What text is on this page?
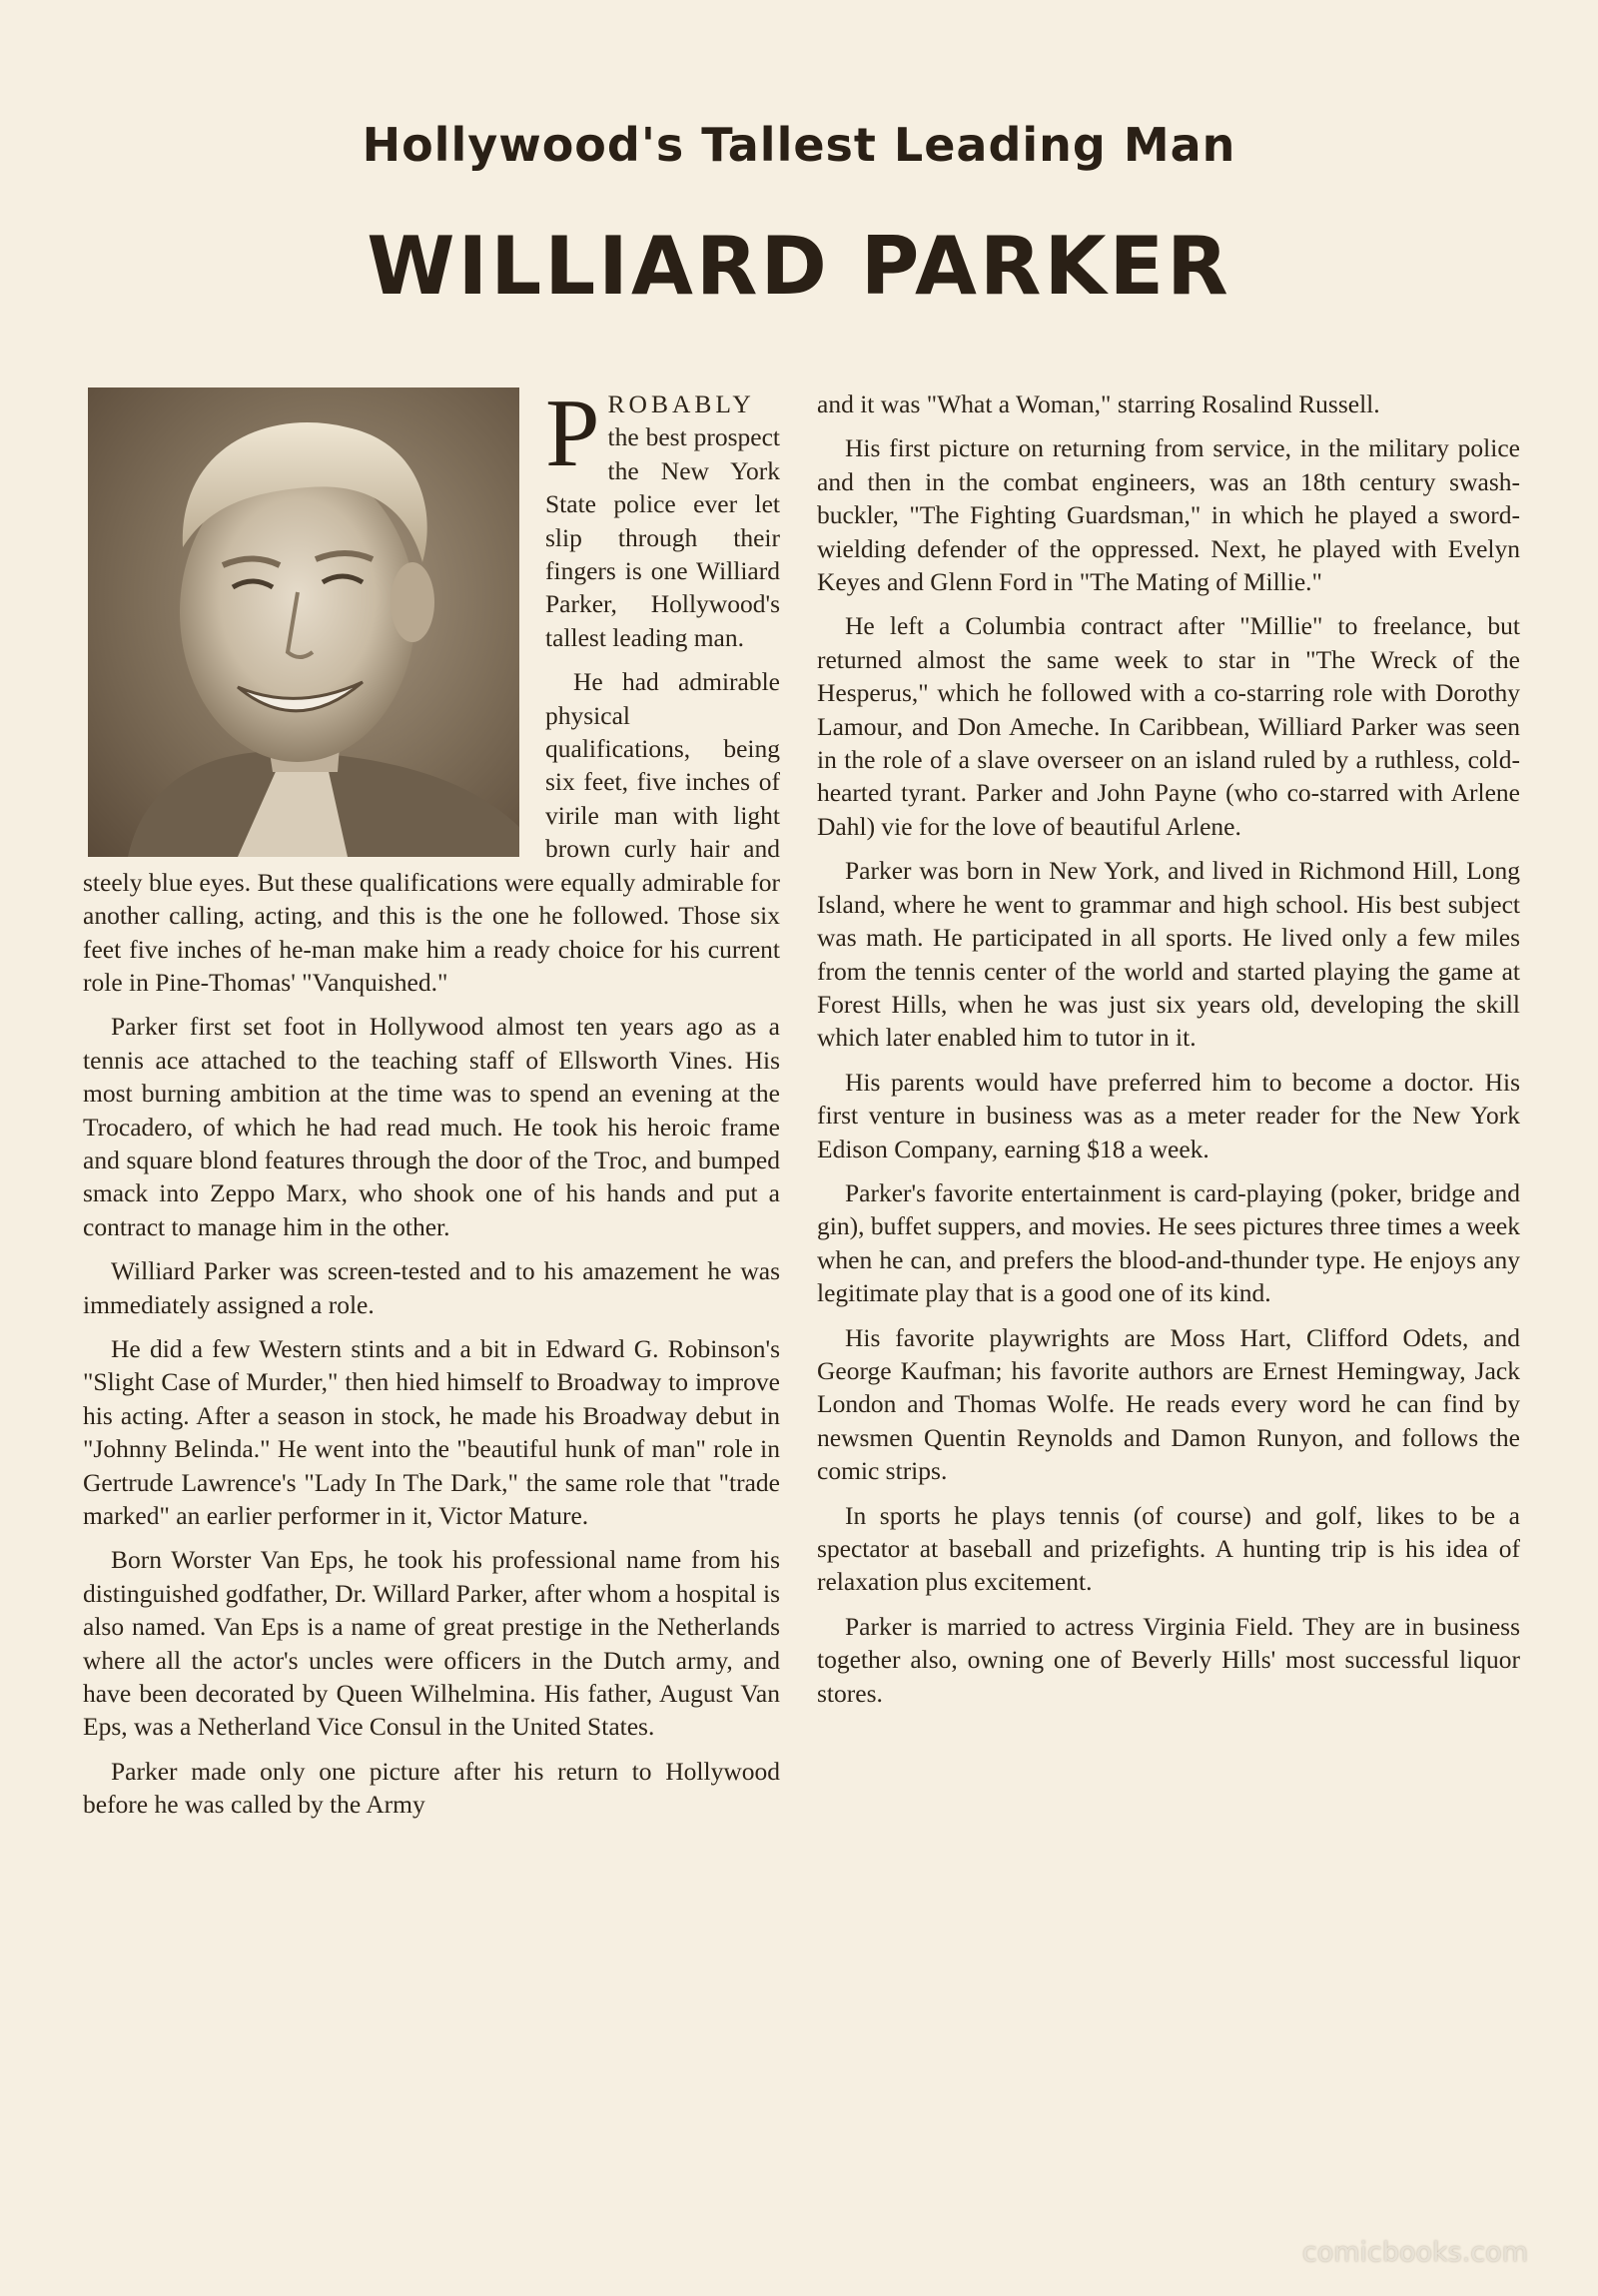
Hollywood's Tallest Leading Man
WILLIARD PARKER

PROBABLY the best prospect the New York State police ever let slip through their fingers is one Williard Parker, Hollywood's tallest leading man.

He had admirable physical qualifications, being six feet, five inches of virile man with light brown curly hair and steely blue eyes. But these qualifications were equally admirable for another calling, acting, and this is the one he followed. Those six feet five inches of he-man make him a ready choice for his current role in Pine-Thomas' "Vanquished."

Parker first set foot in Hollywood almost ten years ago as a tennis ace attached to the teaching staff of Ellsworth Vines. His most burning ambition at the time was to spend an evening at the Trocadero, of which he had read much. He took his heroic frame and square blond features through the door of the Troc, and bumped smack into Zeppo Marx, who shook one of his hands and put a contract to manage him in the other.

Williard Parker was screen-tested and to his amazement he was immediately assigned a role.

He did a few Western stints and a bit in Edward G. Robinson's "Slight Case of Murder," then hied himself to Broadway to improve his acting. After a season in stock, he made his Broadway debut in "Johnny Belinda." He went into the "beautiful hunk of man" role in Gertrude Lawrence's "Lady In The Dark," the same role that "trade marked" an earlier performer in it, Victor Mature.

Born Worster Van Eps, he took his professional name from his distinguished godfather, Dr. Willard Parker, after whom a hospital is also named. Van Eps is a name of great prestige in the Netherlands where all the actor's uncles were officers in the Dutch army, and have been decorated by Queen Wilhelmina. His father, August Van Eps, was a Netherland Vice Consul in the United States.

Parker made only one picture after his return to Hollywood before he was called by the Army

and it was "What a Woman," starring Rosalind Russell.

His first picture on returning from service, in the military police and then in the combat engineers, was an 18th century swash-buckler, "The Fighting Guardsman," in which he played a sword-wielding defender of the oppressed. Next, he played with Evelyn Keyes and Glenn Ford in "The Mating of Millie."

He left a Columbia contract after "Millie" to freelance, but returned almost the same week to star in "The Wreck of the Hesperus," which he followed with a co-starring role with Dorothy Lamour, and Don Ameche. In Caribbean, Williard Parker was seen in the role of a slave overseer on an island ruled by a ruthless, cold-hearted tyrant. Parker and John Payne (who co-starred with Arlene Dahl) vie for the love of beautiful Arlene.

Parker was born in New York, and lived in Richmond Hill, Long Island, where he went to grammar and high school. His best subject was math. He participated in all sports. He lived only a few miles from the tennis center of the world and started playing the game at Forest Hills, when he was just six years old, developing the skill which later enabled him to tutor in it.

His parents would have preferred him to become a doctor. His first venture in business was as a meter reader for the New York Edison Company, earning $18 a week.

Parker's favorite entertainment is card-playing (poker, bridge and gin), buffet suppers, and movies. He sees pictures three times a week when he can, and prefers the blood-and-thunder type. He enjoys any legitimate play that is a good one of its kind.

His favorite playwrights are Moss Hart, Clifford Odets, and George Kaufman; his favorite authors are Ernest Hemingway, Jack London and Thomas Wolfe. He reads every word he can find by newsmen Quentin Reynolds and Damon Runyon, and follows the comic strips.

In sports he plays tennis (of course) and golf, likes to be a spectator at baseball and prizefights. A hunting trip is his idea of relaxation plus excitement.

Parker is married to actress Virginia Field. They are in business together also, owning one of Beverly Hills' most successful liquor stores.

comicbooks.com
